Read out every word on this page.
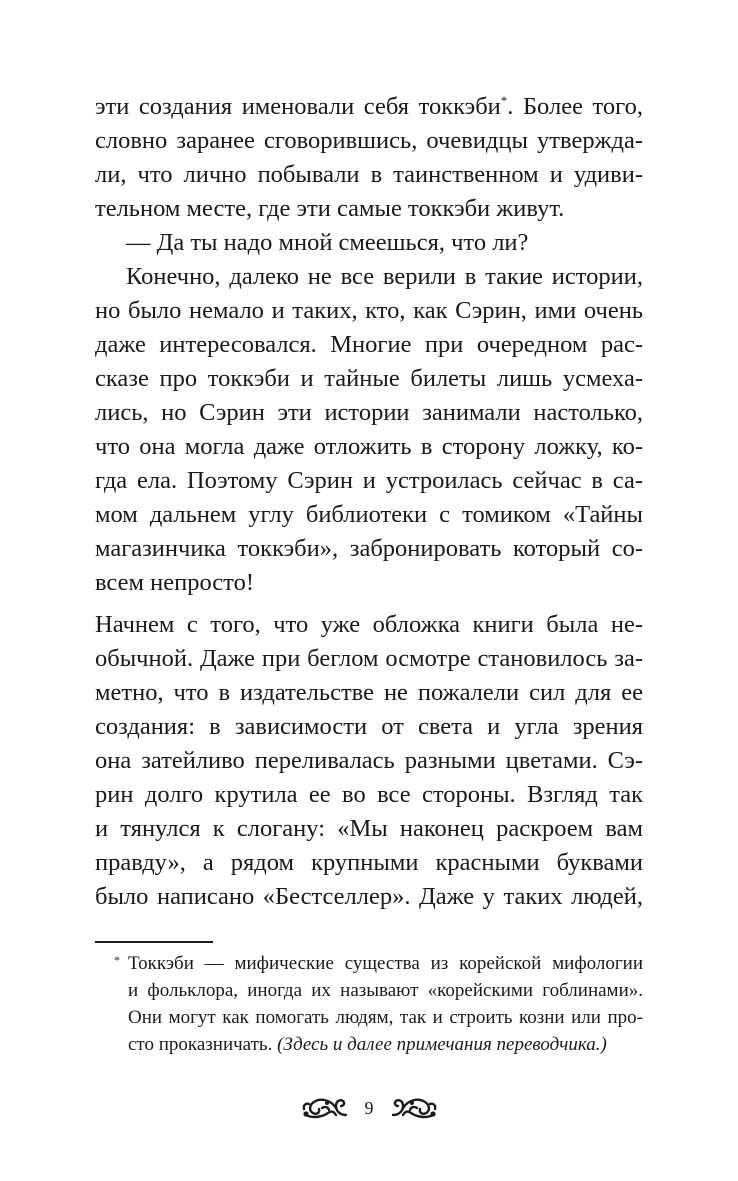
эти создания именовали себя токкэби*. Более того,
словно заранее сговорившись, очевидцы утвержда-
ли, что лично побывали в таинственном и удиви-
тельном месте, где эти самые токкэби живут.
— Да ты надо мной смеешься, что ли?
Конечно, далеко не все верили в такие истории,
но было немало и таких, кто, как Сэрин, ими очень
даже интересовался. Многие при очередном рас-
сказе про токкэби и тайные билеты лишь усмеха-
лись, но Сэрин эти истории занимали настолько,
что она могла даже отложить в сторону ложку, ко-
гда ела. Поэтому Сэрин и устроилась сейчас в са-
мом дальнем углу библиотеки с томиком «Тайны
магазинчика токкэби», забронировать который со-
всем непросто!
Начнем с того, что уже обложка книги была не-
обычной. Даже при беглом осмотре становилось за-
метно, что в издательстве не пожалели сил для ее
создания: в зависимости от света и угла зрения
она затейливо переливалась разными цветами. Сэ-
рин долго крутила ее во все стороны. Взгляд так
и тянулся к слогану: «Мы наконец раскроем вам
правду», а рядом крупными красными буквами
было написано «Бестселлер». Даже у таких людей,
* Токкэби — мифические существа из корейской мифологии
и фольклора, иногда их называют «корейскими гоблинами».
Они могут как помогать людям, так и строить козни или про-
сто проказничать. (Здесь и далее примечания переводчика.)
9
